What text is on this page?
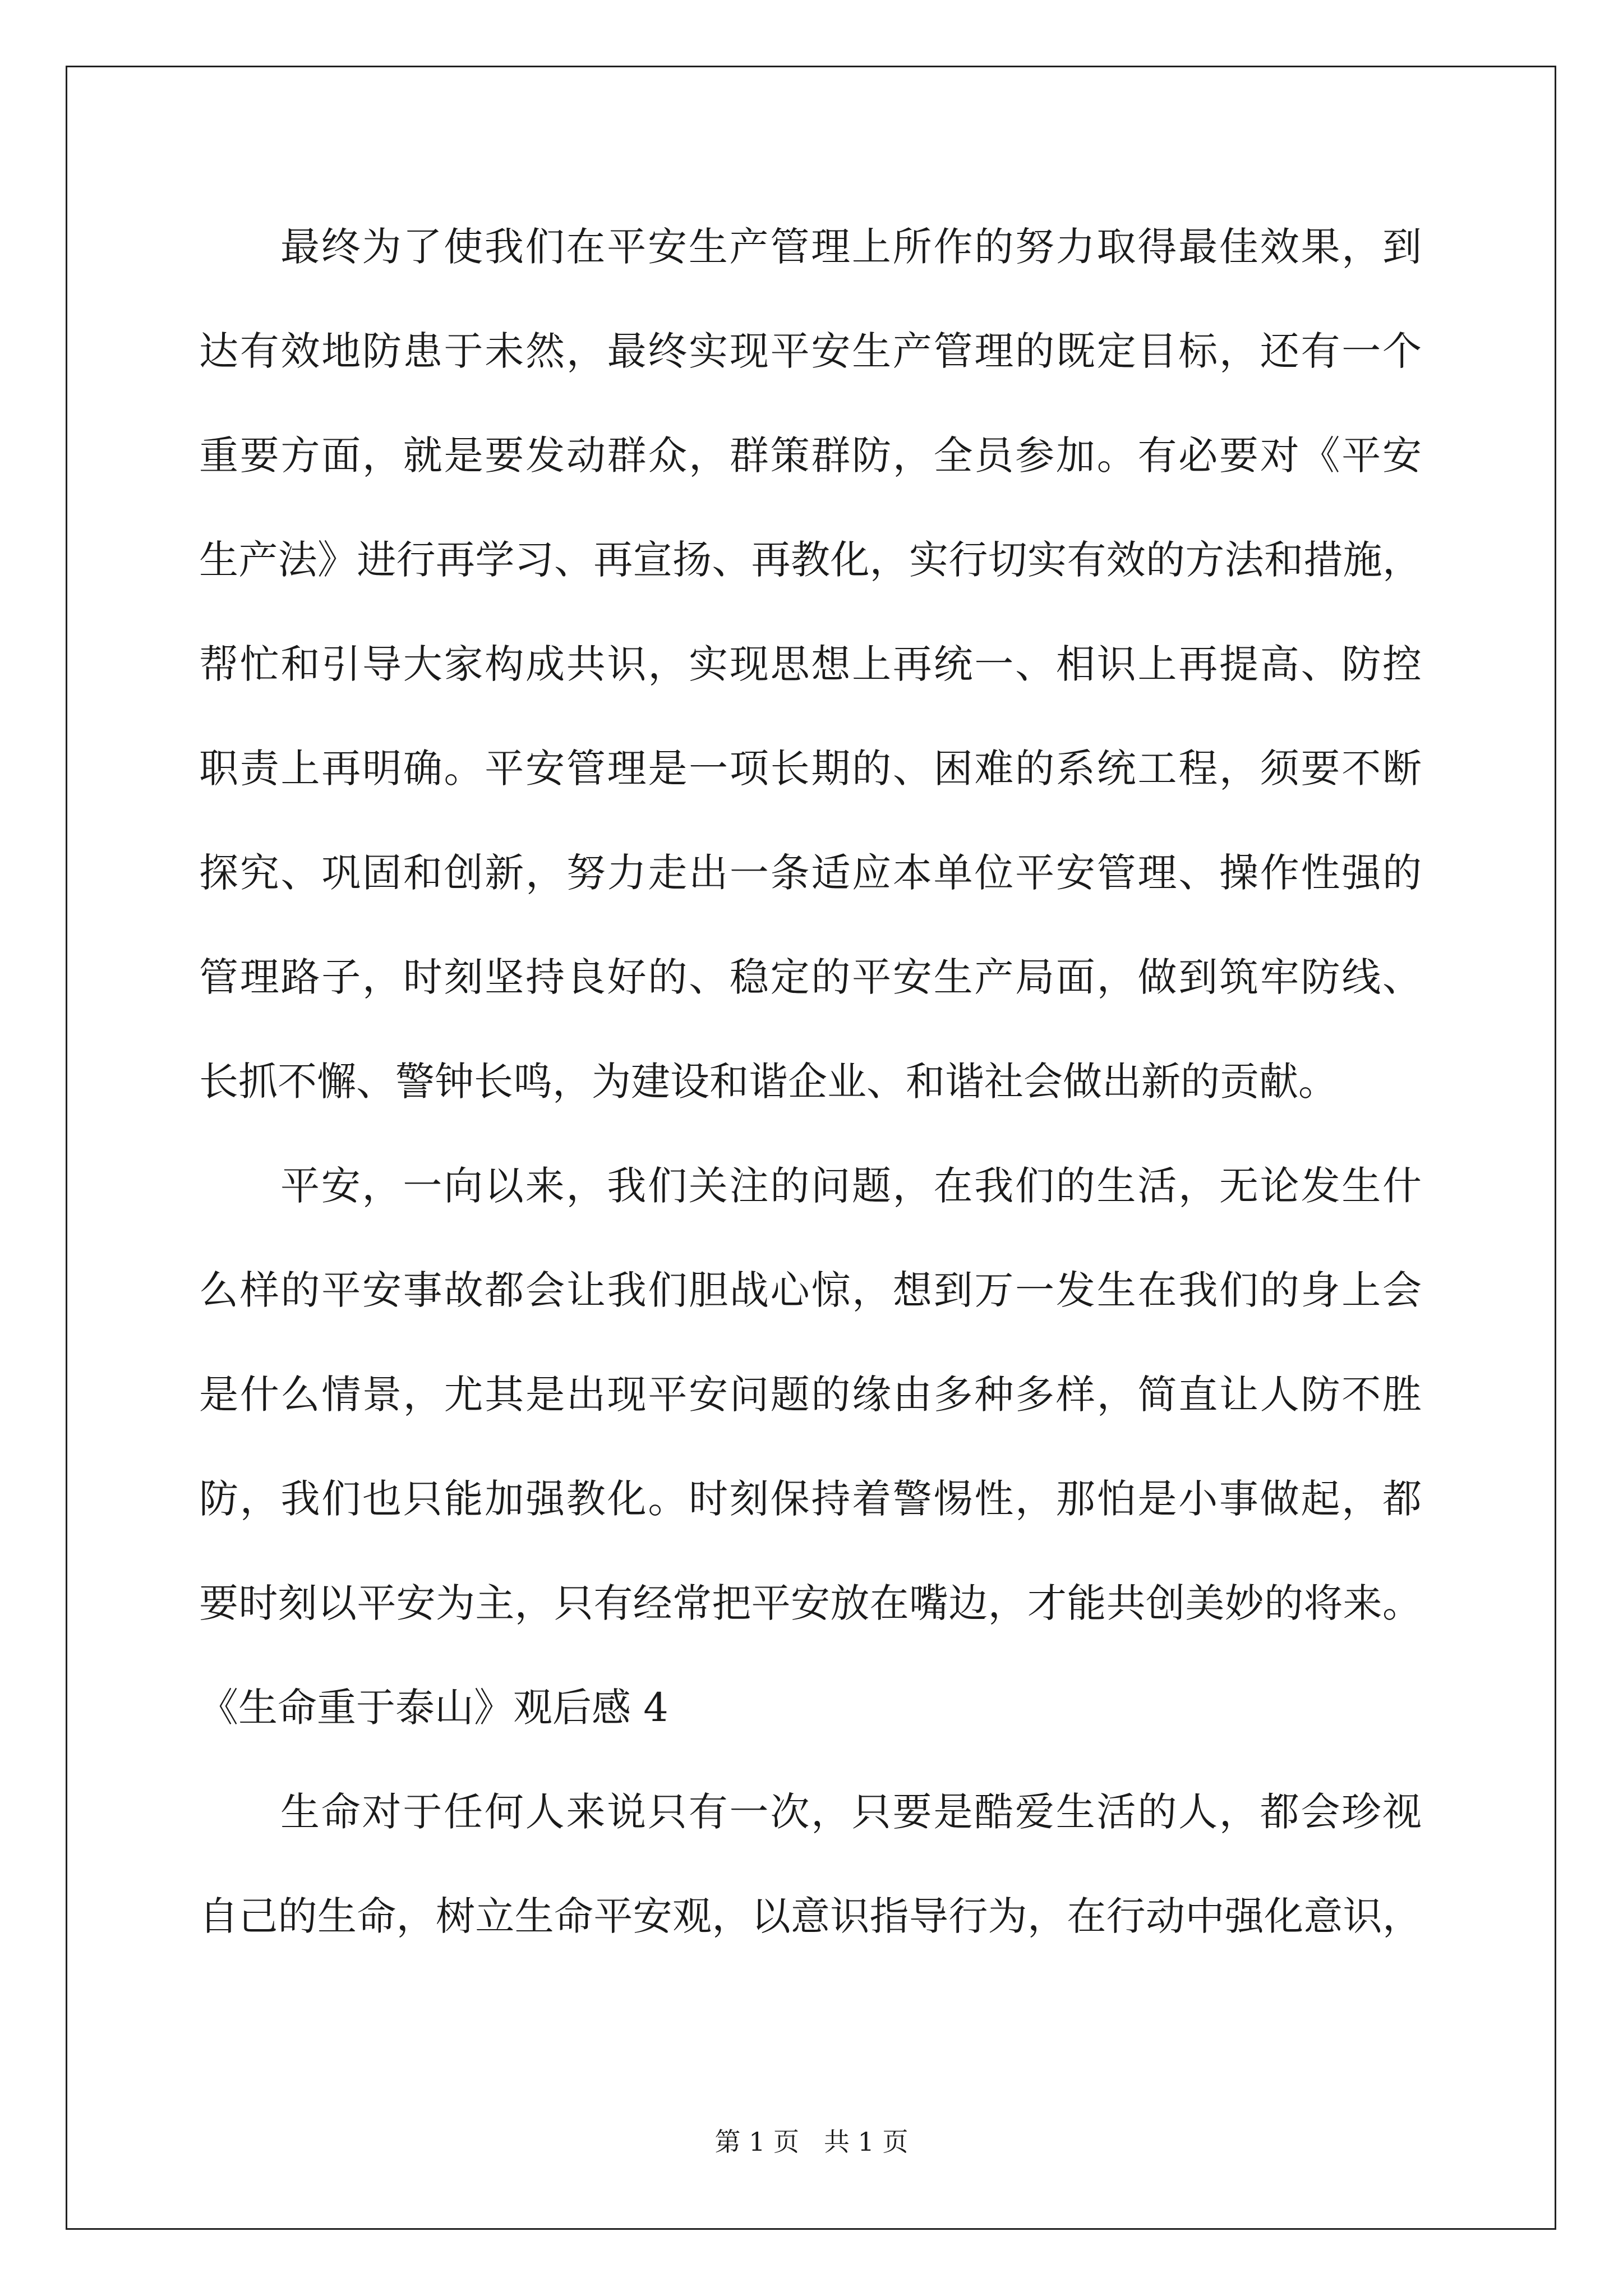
最终为了使我们在平安生产管理上所作的努力取得最佳效果，到
达有效地防患于未然，最终实现平安生产管理的既定目标，还有一个
重要方面，就是要发动群众，群策群防，全员参加。有必要对《平安
生产法》进行再学习、再宣扬、再教化，实行切实有效的方法和措施，
帮忙和引导大家构成共识，实现思想上再统一、相识上再提高、防控
职责上再明确。平安管理是一项长期的、困难的系统工程，须要不断
探究、巩固和创新，努力走出一条适应本单位平安管理、操作性强的
管理路子，时刻坚持良好的、稳定的平安生产局面，做到筑牢防线、
长抓不懈、警钟长鸣，为建设和谐企业、和谐社会做出新的贡献。
平安，一向以来，我们关注的问题，在我们的生活，无论发生什
么样的平安事故都会让我们胆战心惊，想到万一发生在我们的身上会
是什么情景，尤其是出现平安问题的缘由多种多样，简直让人防不胜
防，我们也只能加强教化。时刻保持着警惕性，那怕是小事做起，都
要时刻以平安为主，只有经常把平安放在嘴边，才能共创美妙的将来。
《生命重于泰山》观后感 4
生命对于任何人来说只有一次，只要是酷爱生活的人，都会珍视
自己的生命，树立生命平安观，以意识指导行为，在行动中强化意识，
第 1 页 共 1 页
